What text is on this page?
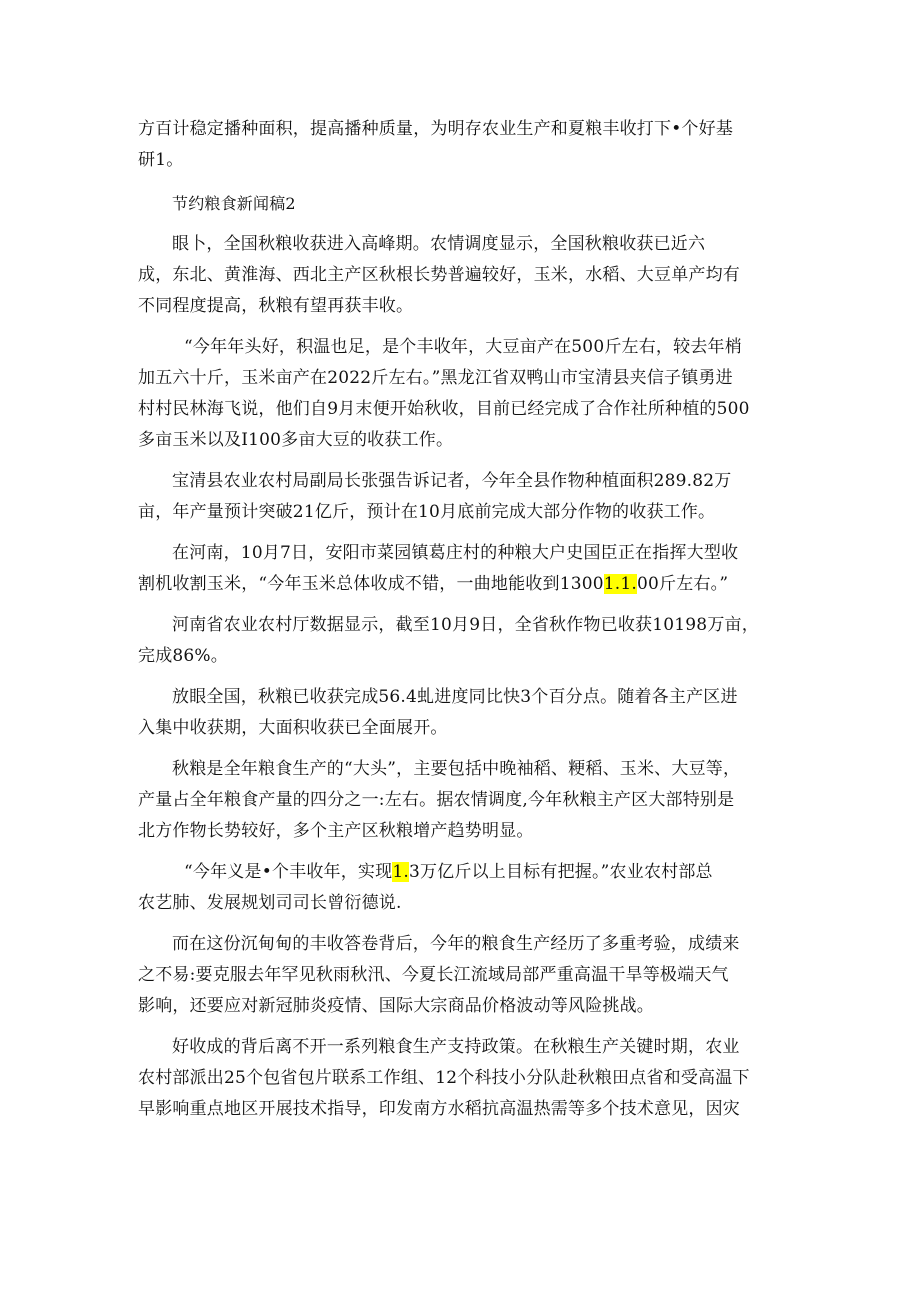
方百计稳定播种面积，提高播种质量，为明存农业生产和夏粮丰收打下•个好基
研1。
节约粮食新闻稿2
眼卜，全国秋粮收获进入高峰期。农情调度显示，全国秋粮收获已近六
成，东北、黄淮海、西北主产区秋根长势普遍较好，玉米，水稻、大豆单产均有
不同程度提高，秋粮有望再获丰收。
“今年年头好，积温也足，是个丰收年，大豆亩产在500斤左右，较去年梢
加五六十斤，玉米亩产在2022斤左右。”黑龙江省双鸭山市宝清县夹信子镇勇进
村村民林海飞说，他们自9月末便开始秋收，目前已经完成了合作社所种植的500
多亩玉米以及I100多亩大豆的收获工作。
宝清县农业农村局副局长张强告诉记者，今年全县作物种植面积289.82万
亩，年产量预计突破21亿斤，预计在10月底前完成大部分作物的收获工作。
在河南，10月7日，安阳市菜园镇葛庄村的种粮大户史国臣正在指挥大型收
割机收割玉米，“今年玉米总体收成不错，一曲地能收到13001.1.00斤左右。”
河南省农业农村厅数据显示，截至10月9日，全省秋作物已收获10198万亩，
完成86%。
放眼全国，秋粮已收获完成56.4虬进度同比快3个百分点。随着各主产区进
入集中收获期，大面积收获已全面展开。
秋粮是全年粮食生产的“大头”，主要包括中晚袖稻、粳稻、玉米、大豆等，
产量占全年粮食产量的四分之一:左右。据农情调度,今年秋粮主产区大部特别是
北方作物长势较好，多个主产区秋粮增产趋势明显。
“今年义是•个丰收年，实现1.3万亿斤以上目标有把握。”农业农村部总
农艺肺、发展规划司司长曾衍德说.
而在这份沉甸甸的丰收答卷背后，今年的粮食生产经历了多重考验，成绩来
之不易:要克服去年罕见秋雨秋汛、今夏长江流域局部严重高温干旱等极端天气
影响，还要应对新冠肺炎疫情、国际大宗商品价格波动等风险挑战。
好收成的背后离不开一系列粮食生产支持政策。在秋粮生产关键时期，农业
农村部派出25个包省包片联系工作组、12个科技小分队赴秋粮田点省和受高温下
早影响重点地区开展技术指导，印发南方水稻抗高温热需等多个技术意见，因灾
